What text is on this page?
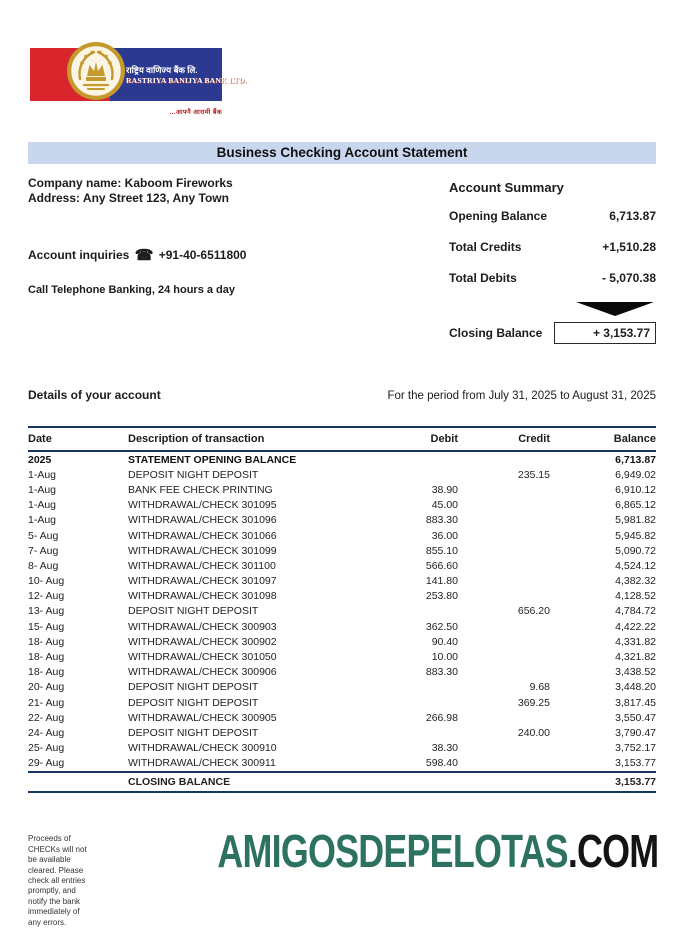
राष्ट्रिय वाणिज्य बैंक लि.
RASTRIYA BANIJYA BANK LTD.
...आफ्नै आरामी बैंक
Business Checking Account Statement
Company name: Kaboom Fireworks
Address: Any Street 123, Any Town
Account inquiries ☎ +91-40-6511800
Call Telephone Banking, 24 hours a day
Account Summary
Opening Balance	6,713.87
Total Credits	+1,510.28
Total Debits	- 5,070.38
Closing Balance	+ 3,153.77
Details of your account	For the period from July 31, 2025 to August 31, 2025
Date	Description of transaction	Debit	Credit	Balance
2025	STATEMENT OPENING BALANCE			6,713.87
1-Aug	DEPOSIT NIGHT DEPOSIT		235.15	6,949.02
1-Aug	BANK FEE CHECK PRINTING	38.90		6,910.12
1-Aug	WITHDRAWAL/CHECK 301095	45.00		6,865.12
1-Aug	WITHDRAWAL/CHECK 301096	883.30		5,981.82
5- Aug	WITHDRAWAL/CHECK 301066	36.00		5,945.82
7- Aug	WITHDRAWAL/CHECK 301099	855.10		5,090.72
8- Aug	WITHDRAWAL/CHECK 301100	566.60		4,524.12
10- Aug	WITHDRAWAL/CHECK 301097	141.80		4,382.32
12- Aug	WITHDRAWAL/CHECK 301098	253.80		4,128.52
13- Aug	DEPOSIT NIGHT DEPOSIT		656.20	4,784.72
15- Aug	WITHDRAWAL/CHECK 300903	362.50		4,422.22
18- Aug	WITHDRAWAL/CHECK 300902	90.40		4,331.82
18- Aug	WITHDRAWAL/CHECK 301050	10.00		4,321.82
18- Aug	WITHDRAWAL/CHECK 300906	883.30		3,438.52
20- Aug	DEPOSIT NIGHT DEPOSIT		9.68	3,448.20
21- Aug	DEPOSIT NIGHT DEPOSIT		369.25	3,817.45
22- Aug	WITHDRAWAL/CHECK 300905	266.98		3,550.47
24- Aug	DEPOSIT NIGHT DEPOSIT		240.00	3,790.47
25- Aug	WITHDRAWAL/CHECK 300910	38.30		3,752.17
29- Aug	WITHDRAWAL/CHECK 300911	598.40		3,153.77
	CLOSING BALANCE			3,153.77
Proceeds of CHECKs will not be available
cleared. Please check all entries promptly, and
notify the bank immediately of any errors.
AMIGOSDEPELOTAS.COM
